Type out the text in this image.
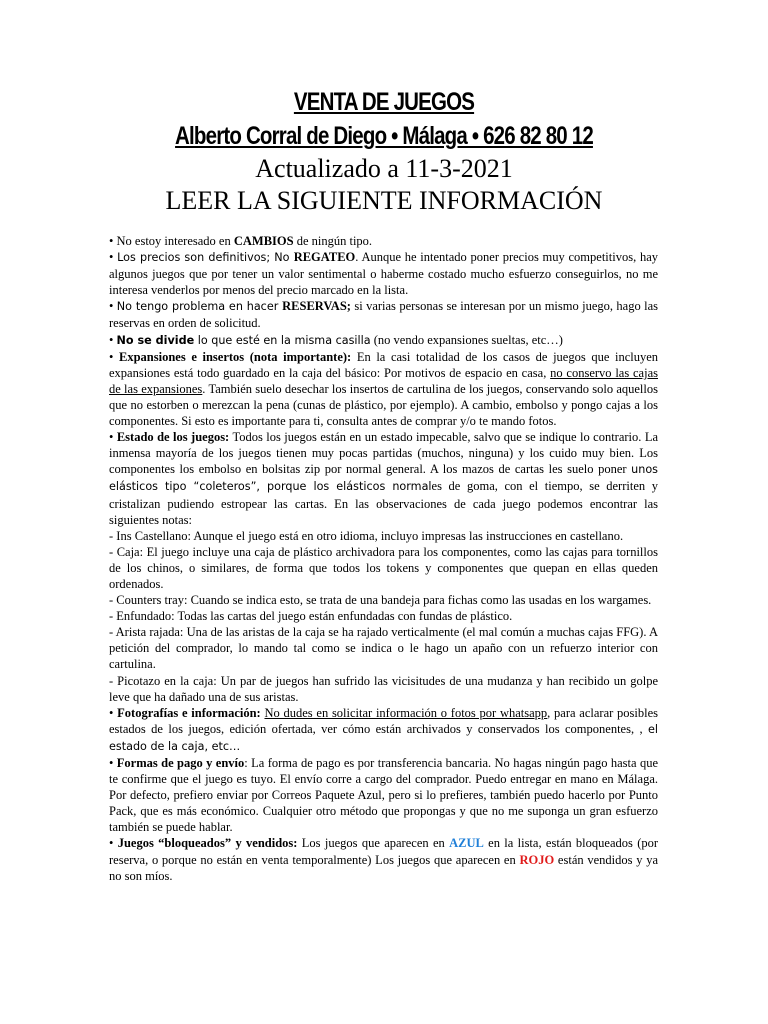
VENTA DE JUEGOS
Alberto Corral de Diego • Málaga • 626 82 80 12
Actualizado a 11-3-2021
LEER LA SIGUIENTE INFORMACIÓN

• No estoy interesado en CAMBIOS de ningún tipo.

• Los precios son definitivos; No REGATEO. Aunque he intentado poner precios muy competitivos, hay algunos juegos que por tener un valor sentimental o haberme costado mucho esfuerzo conseguirlos, no me interesa venderlos por menos del precio marcado en la lista.

• No tengo problema en hacer RESERVAS; si varias personas se interesan por un mismo juego, hago las reservas en orden de solicitud.

• No se divide lo que esté en la misma casilla (no vendo expansiones sueltas, etc…)

• Expansiones e insertos (nota importante): En la casi totalidad de los casos de juegos que incluyen expansiones está todo guardado en la caja del básico: Por motivos de espacio en casa, no conservo las cajas de las expansiones. También suelo desechar los insertos de cartulina de los juegos, conservando solo aquellos que no estorben o merezcan la pena (cunas de plástico, por ejemplo). A cambio, embolso y pongo cajas a los componentes. Si esto es importante para ti, consulta antes de comprar y/o te mando fotos.

• Estado de los juegos: Todos los juegos están en un estado impecable, salvo que se indique lo contrario. La inmensa mayoría de los juegos tienen muy pocas partidas (muchos, ninguna) y los cuido muy bien. Los componentes los embolso en bolsitas zip por normal general. A los mazos de cartas les suelo poner unos elásticos tipo “coleteros”, porque los elásticos normales de goma, con el tiempo, se derriten y cristalizan pudiendo estropear las cartas. En las observaciones de cada juego podemos encontrar las siguientes notas:

- Ins Castellano: Aunque el juego está en otro idioma, incluyo impresas las instrucciones en castellano.

- Caja: El juego incluye una caja de plástico archivadora para los componentes, como las cajas para tornillos de los chinos, o similares, de forma que todos los tokens y componentes que quepan en ellas queden ordenados.

- Counters tray: Cuando se indica esto, se trata de una bandeja para fichas como las usadas en los wargames.

- Enfundado: Todas las cartas del juego están enfundadas con fundas de plástico.

- Arista rajada: Una de las aristas de la caja se ha rajado verticalmente (el mal común a muchas cajas FFG). A petición del comprador, lo mando tal como se indica o le hago un apaño con un refuerzo interior con cartulina.

- Picotazo en la caja: Un par de juegos han sufrido las vicisitudes de una mudanza y han recibido un golpe leve que ha dañado una de sus aristas.

• Fotografías e información: No dudes en solicitar información o fotos por whatsapp, para aclarar posibles estados de los juegos, edición ofertada, ver cómo están archivados y conservados los componentes, , el estado de la caja, etc…

• Formas de pago y envío: La forma de pago es por transferencia bancaria. No hagas ningún pago hasta que te confirme que el juego es tuyo. El envío corre a cargo del comprador. Puedo entregar en mano en Málaga. Por defecto, prefiero enviar por Correos Paquete Azul, pero si lo prefieres, también puedo hacerlo por Punto Pack, que es más económico. Cualquier otro método que propongas y que no me suponga un gran esfuerzo también se puede hablar.

• Juegos “bloqueados” y vendidos: Los juegos que aparecen en AZUL en la lista, están bloqueados (por reserva, o porque no están en venta temporalmente) Los juegos que aparecen en ROJO están vendidos y ya no son míos.
